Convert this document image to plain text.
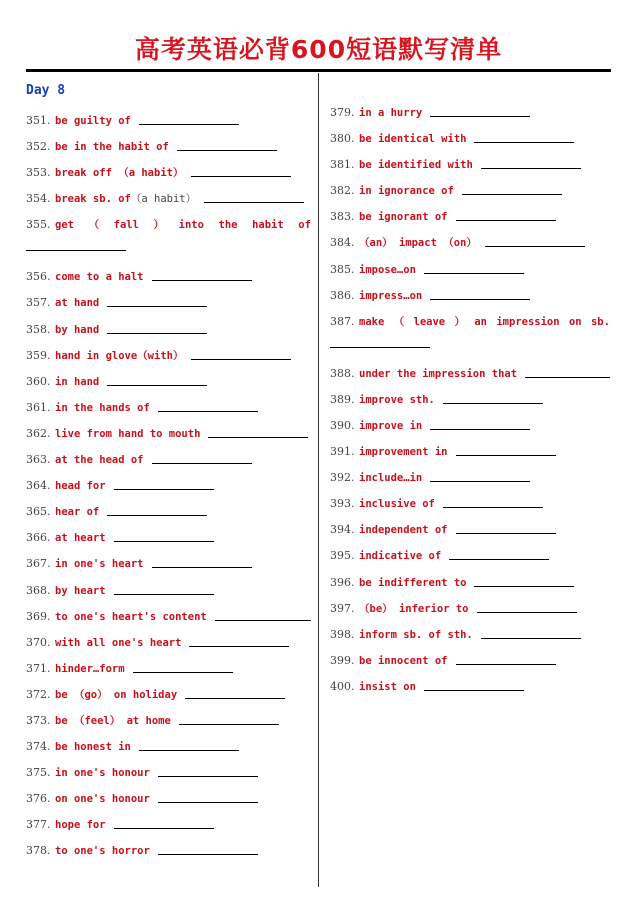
高考英语必背600短语默写清单
Day 8
351. be guilty of
352. be in the habit of
353. break off （a habit）
354. break sb. of （a habit）
355. get （ fall ） into the habit of
356. come to a halt
357. at hand
358. by hand
359. hand in glove（with）
360. in hand
361. in the hands of
362. live from hand to mouth
363. at the head of
364. head for
365. hear of
366. at heart
367. in one's heart
368. by heart
369. to one's heart's content
370. with all one's heart
371. hinder…form
372. be （go） on holiday
373. be （feel） at home
374. be honest in
375. in one's honour
376. on one's honour
377. hope for
378. to one's horror
379. in a hurry
380. be identical with
381. be identified with
382. in ignorance of
383. be ignorant of
384. （an） impact （on）
385. impose…on
386. impress…on
387. make （ leave ） an impression on sb.
388. under the impression that
389. improve sth.
390. improve in
391. improvement in
392. include…in
393. inclusive of
394. independent of
395. indicative of
396. be indifferent to
397. （be） inferior to
398. inform sb. of sth.
399. be innocent of
400. insist on
